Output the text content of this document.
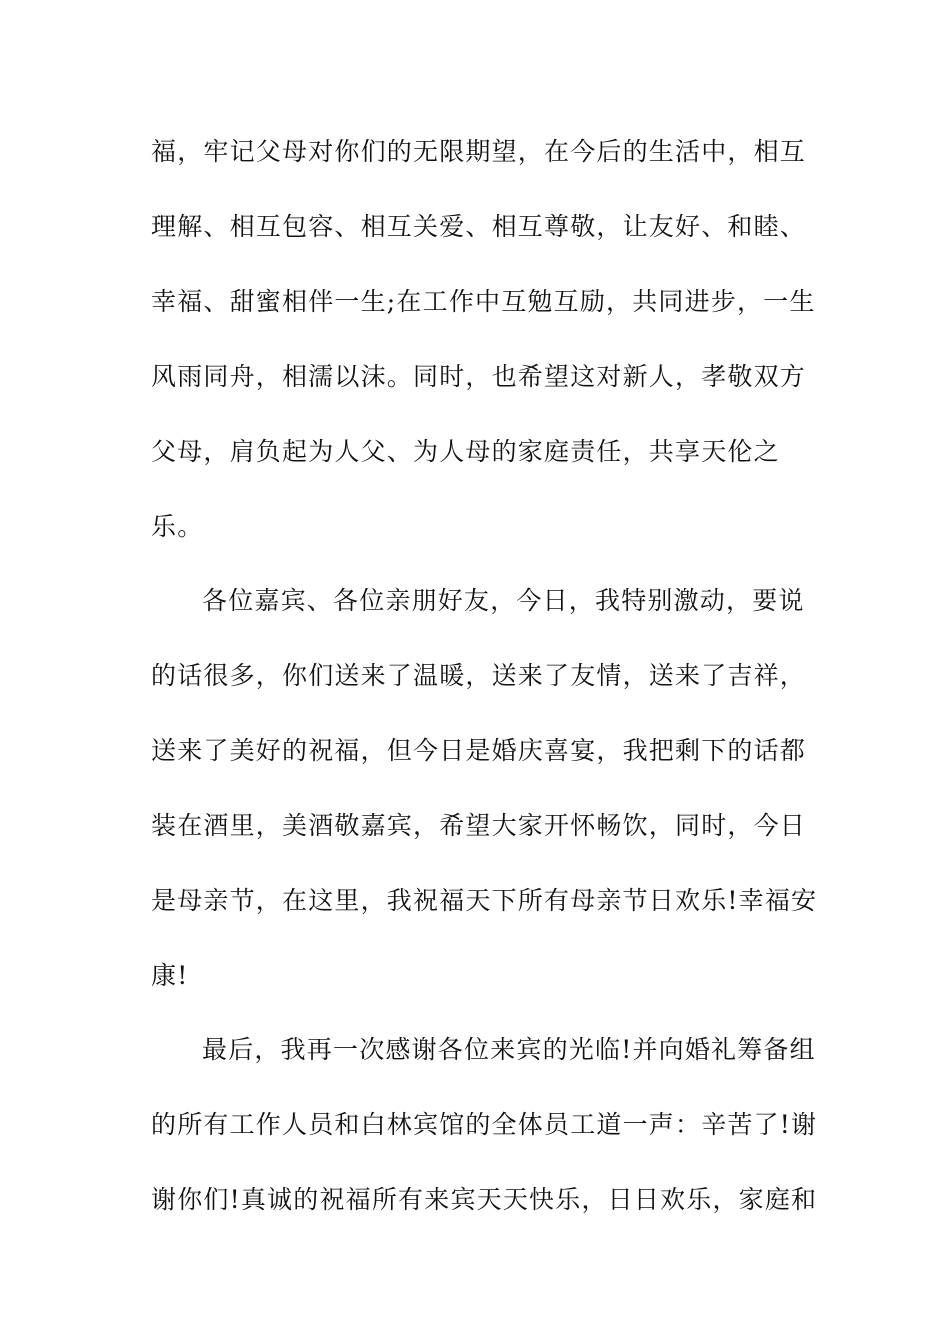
福，牢记父母对你们的无限期望，在今后的生活中，相互
理解、相互包容、相互关爱、相互尊敬，让友好、和睦、
幸福、甜蜜相伴一生;在工作中互勉互励，共同进步，一生
风雨同舟，相濡以沫。同时，也希望这对新人，孝敬双方
父母，肩负起为人父、为人母的家庭责任，共享天伦之
乐。
各位嘉宾、各位亲朋好友，今日，我特别激动，要说
的话很多，你们送来了温暖，送来了友情，送来了吉祥，
送来了美好的祝福，但今日是婚庆喜宴，我把剩下的话都
装在酒里，美酒敬嘉宾，希望大家开怀畅饮，同时，今日
是母亲节，在这里，我祝福天下所有母亲节日欢乐!幸福安
康!
最后，我再一次感谢各位来宾的光临!并向婚礼筹备组
的所有工作人员和白林宾馆的全体员工道一声：辛苦了!谢
谢你们!真诚的祝福所有来宾天天快乐，日日欢乐，家庭和
